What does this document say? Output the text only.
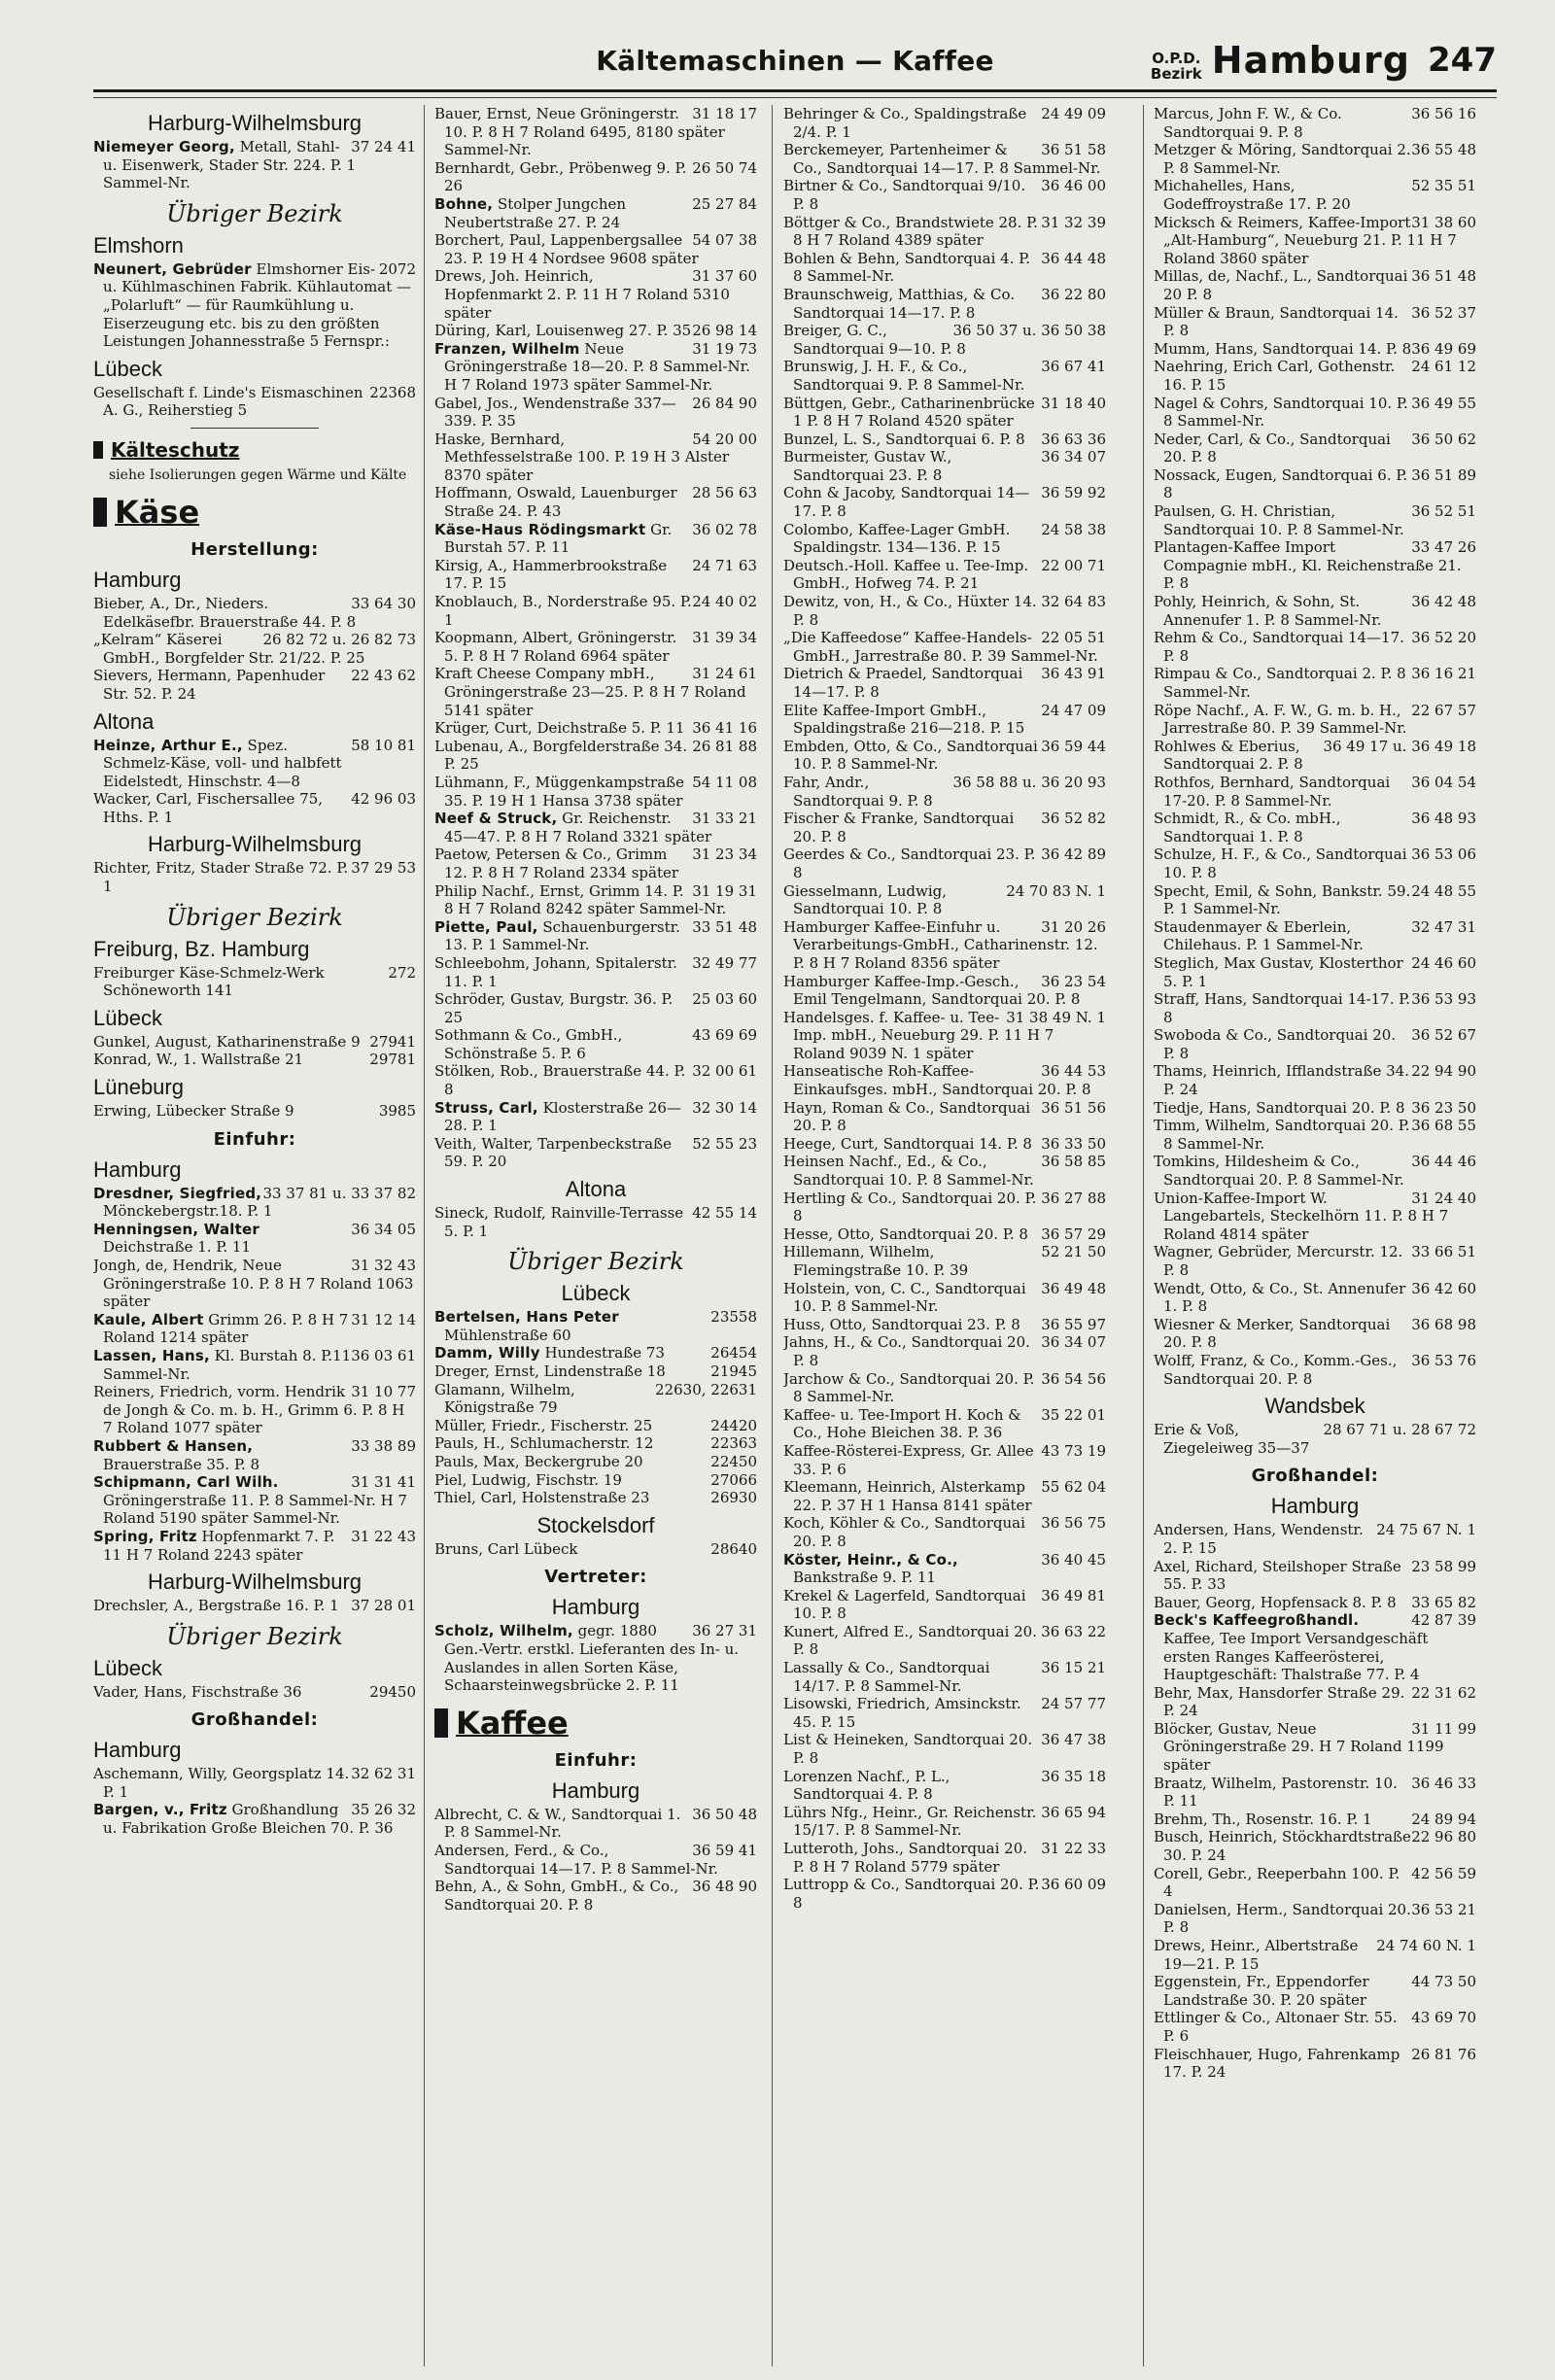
Kältemaschinen — Kaffee	O.P.D.
Bezirk Hamburg 247
Harburg-Wilhelmsburg

37 24 41
Niemeyer Georg, Metall, Stahl- u. Eisenwerk, Stader Str. 224. P. 1 Sammel-Nr.

Übriger Bezirk
Elmshorn

2072
Neunert, Gebrüder Elmshorner Eis- u. Kühlmaschinen Fabrik. Kühlautomat — „Polarluft“ — für Raumkühlung u. Eiserzeugung etc. bis zu den größten Leistungen Johannesstraße 5 Fernspr.:

Lübeck

22368
Gesellschaft f. Linde's Eismaschinen A. G., Reiherstieg 5

Kälteschutz
siehe Isolierungen gegen Wärme und Kälte
Käse
Herstellung:
Hamburg

33 64 30
Bieber, A., Dr., Nieders. Edelkäsefbr. Brauerstraße 44. P. 8

26 82 72 u. 26 82 73
„Kelram“ Käserei GmbH., Borgfelder Str. 21/22. P. 25

22 43 62
Sievers, Hermann, Papenhuder Str. 52. P. 24

Altona

58 10 81
Heinze, Arthur E., Spez. Schmelz-Käse, voll- und halbfett Eidelstedt, Hinschstr. 4—8

42 96 03
Wacker, Carl, Fischersallee 75, Hths. P. 1

Harburg-Wilhelmsburg

37 29 53
Richter, Fritz, Stader Straße 72. P. 1

Übriger Bezirk
Freiburg, Bz. Hamburg

272
Freiburger Käse-Schmelz-Werk Schöneworth 141

Lübeck

27941
Gunkel, August, Katharinenstraße 9

29781
Konrad, W., 1. Wallstraße 21

Lüneburg

3985
Erwing, Lübecker Straße 9

Einfuhr:
Hamburg

33 37 81 u. 33 37 82
Dresdner, Siegfried, Mönckebergstr.18. P. 1

36 34 05
Henningsen, Walter Deichstraße 1. P. 11

31 32 43
Jongh, de, Hendrik, Neue Gröningerstraße 10. P. 8 H 7 Roland 1063 später

31 12 14
Kaule, Albert Grimm 26. P. 8 H 7 Roland 1214 später

36 03 61
Lassen, Hans, Kl. Burstah 8. P.11 Sammel-Nr.

31 10 77
Reiners, Friedrich, vorm. Hendrik de Jongh & Co. m. b. H., Grimm 6. P. 8 H 7 Roland 1077 später

33 38 89
Rubbert & Hansen, Brauerstraße 35. P. 8

31 31 41
Schipmann, Carl Wilh. Gröningerstraße 11. P. 8 Sammel-Nr. H 7 Roland 5190 später Sammel-Nr.

31 22 43
Spring, Fritz Hopfenmarkt 7. P. 11 H 7 Roland 2243 später

Harburg-Wilhelmsburg

37 28 01
Drechsler, A., Bergstraße 16. P. 1

Übriger Bezirk
Lübeck

29450
Vader, Hans, Fischstraße 36

Großhandel:
Hamburg

32 62 31
Aschemann, Willy, Georgsplatz 14. P. 1

35 26 32
Bargen, v., Fritz Großhandlung u. Fabrikation Große Bleichen 70. P. 36

31 18 17
Bauer, Ernst, Neue Gröningerstr. 10. P. 8 H 7 Roland 6495, 8180 später Sammel-Nr.

26 50 74
Bernhardt, Gebr., Pröbenweg 9. P. 26

25 27 84
Bohne, Stolper Jungchen Neubertstraße 27. P. 24

54 07 38
Borchert, Paul, Lappenbergsallee 23. P. 19 H 4 Nordsee 9608 später

31 37 60
Drews, Joh. Heinrich, Hopfenmarkt 2. P. 11 H 7 Roland 5310 später

26 98 14
Düring, Karl, Louisenweg 27. P. 35

31 19 73
Franzen, Wilhelm Neue Gröningerstraße 18—20. P. 8 Sammel-Nr. H 7 Roland 1973 später Sammel-Nr.

26 84 90
Gabel, Jos., Wendenstraße 337—339. P. 35

54 20 00
Haske, Bernhard, Methfesselstraße 100. P. 19 H 3 Alster 8370 später

28 56 63
Hoffmann, Oswald, Lauenburger Straße 24. P. 43

36 02 78
Käse-Haus Rödingsmarkt Gr. Burstah 57. P. 11

24 71 63
Kirsig, A., Hammerbrookstraße 17. P. 15

24 40 02
Knoblauch, B., Norderstraße 95. P. 1

31 39 34
Koopmann, Albert, Gröningerstr. 5. P. 8 H 7 Roland 6964 später

31 24 61
Kraft Cheese Company mbH., Gröningerstraße 23—25. P. 8 H 7 Roland 5141 später

36 41 16
Krüger, Curt, Deichstraße 5. P. 11

26 81 88
Lubenau, A., Borgfelderstraße 34. P. 25

54 11 08
Lühmann, F., Müggenkampstraße 35. P. 19 H 1 Hansa 3738 später

31 33 21
Neef & Struck, Gr. Reichenstr. 45—47. P. 8 H 7 Roland 3321 später

31 23 34
Paetow, Petersen & Co., Grimm 12. P. 8 H 7 Roland 2334 später

31 19 31
Philip Nachf., Ernst, Grimm 14. P. 8 H 7 Roland 8242 später Sammel-Nr.

33 51 48
Piette, Paul, Schauenburgerstr. 13. P. 1 Sammel-Nr.

32 49 77
Schleebohm, Johann, Spitalerstr. 11. P. 1

25 03 60
Schröder, Gustav, Burgstr. 36. P. 25

43 69 69
Sothmann & Co., GmbH., Schönstraße 5. P. 6

32 00 61
Stölken, Rob., Brauerstraße 44. P. 8

32 30 14
Struss, Carl, Klosterstraße 26—28. P. 1

52 55 23
Veith, Walter, Tarpenbeckstraße 59. P. 20

Altona

42 55 14
Sineck, Rudolf, Rainville-Terrasse 5. P. 1

Übriger Bezirk
Lübeck

23558
Bertelsen, Hans Peter Mühlenstraße 60

26454
Damm, Willy Hundestraße 73

21945
Dreger, Ernst, Lindenstraße 18

22630, 22631
Glamann, Wilhelm, Königstraße 79

24420
Müller, Friedr., Fischerstr. 25

22363
Pauls, H., Schlumacherstr. 12

22450
Pauls, Max, Beckergrube 20

27066
Piel, Ludwig, Fischstr. 19

26930
Thiel, Carl, Holstenstraße 23

Stockelsdorf

28640
Bruns, Carl Lübeck

Vertreter:
Hamburg

36 27 31
Scholz, Wilhelm, gegr. 1880 Gen.-Vertr. erstkl. Lieferanten des In- u. Auslandes in allen Sorten Käse, Schaarsteinwegsbrücke 2. P. 11

Kaffee
Einfuhr:
Hamburg

36 50 48
Albrecht, C. & W., Sandtorquai 1. P. 8 Sammel-Nr.

36 59 41
Andersen, Ferd., & Co., Sandtorquai 14—17. P. 8 Sammel-Nr.

36 48 90
Behn, A., & Sohn, GmbH., & Co., Sandtorquai 20. P. 8

24 49 09
Behringer & Co., Spaldingstraße 2/4. P. 1

36 51 58
Berckemeyer, Partenheimer & Co., Sandtorquai 14—17. P. 8 Sammel-Nr.

36 46 00
Birtner & Co., Sandtorquai 9/10. P. 8

31 32 39
Böttger & Co., Brandstwiete 28. P. 8 H 7 Roland 4389 später

36 44 48
Bohlen & Behn, Sandtorquai 4. P. 8 Sammel-Nr.

36 22 80
Braunschweig, Matthias, & Co. Sandtorquai 14—17. P. 8

36 50 37 u. 36 50 38
Breiger, G. C., Sandtorquai 9—10. P. 8

36 67 41
Brunswig, J. H. F., & Co., Sandtorquai 9. P. 8 Sammel-Nr.

31 18 40
Büttgen, Gebr., Catharinenbrücke 1 P. 8 H 7 Roland 4520 später

36 63 36
Bunzel, L. S., Sandtorquai 6. P. 8

36 34 07
Burmeister, Gustav W., Sandtorquai 23. P. 8

36 59 92
Cohn & Jacoby, Sandtorquai 14—17. P. 8

24 58 38
Colombo, Kaffee-Lager GmbH. Spaldingstr. 134—136. P. 15

22 00 71
Deutsch.-Holl. Kaffee u. Tee-Imp. GmbH., Hofweg 74. P. 21

32 64 83
Dewitz, von, H., & Co., Hüxter 14. P. 8

22 05 51
„Die Kaffeedose“ Kaffee-Handels-GmbH., Jarrestraße 80. P. 39 Sammel-Nr.

36 43 91
Dietrich & Praedel, Sandtorquai 14—17. P. 8

24 47 09
Elite Kaffee-Import GmbH., Spaldingstraße 216—218. P. 15

36 59 44
Embden, Otto, & Co., Sandtorquai 10. P. 8 Sammel-Nr.

36 58 88 u. 36 20 93
Fahr, Andr., Sandtorquai 9. P. 8

36 52 82
Fischer & Franke, Sandtorquai 20. P. 8

36 42 89
Geerdes & Co., Sandtorquai 23. P. 8

24 70 83 N. 1
Giesselmann, Ludwig, Sandtorquai 10. P. 8

31 20 26
Hamburger Kaffee-Einfuhr u. Verarbeitungs-GmbH., Catharinenstr. 12. P. 8 H 7 Roland 8356 später

36 23 54
Hamburger Kaffee-Imp.-Gesch., Emil Tengelmann, Sandtorquai 20. P. 8

31 38 49 N. 1
Handelsges. f. Kaffee- u. Tee-Imp. mbH., Neueburg 29. P. 11 H 7 Roland 9039 N. 1 später

36 44 53
Hanseatische Roh-Kaffee-Einkaufsges. mbH., Sandtorquai 20. P. 8

36 51 56
Hayn, Roman & Co., Sandtorquai 20. P. 8

36 33 50
Heege, Curt, Sandtorquai 14. P. 8

36 58 85
Heinsen Nachf., Ed., & Co., Sandtorquai 10. P. 8 Sammel-Nr.

36 27 88
Hertling & Co., Sandtorquai 20. P. 8

36 57 29
Hesse, Otto, Sandtorquai 20. P. 8

52 21 50
Hillemann, Wilhelm, Flemingstraße 10. P. 39

36 49 48
Holstein, von, C. C., Sandtorquai 10. P. 8 Sammel-Nr.

36 55 97
Huss, Otto, Sandtorquai 23. P. 8

36 34 07
Jahns, H., & Co., Sandtorquai 20. P. 8

36 54 56
Jarchow & Co., Sandtorquai 20. P. 8 Sammel-Nr.

35 22 01
Kaffee- u. Tee-Import H. Koch & Co., Hohe Bleichen 38. P. 36

43 73 19
Kaffee-Rösterei-Express, Gr. Allee 33. P. 6

55 62 04
Kleemann, Heinrich, Alsterkamp 22. P. 37 H 1 Hansa 8141 später

36 56 75
Koch, Köhler & Co., Sandtorquai 20. P. 8

36 40 45
Köster, Heinr., & Co., Bankstraße 9. P. 11

36 49 81
Krekel & Lagerfeld, Sandtorquai 10. P. 8

36 63 22
Kunert, Alfred E., Sandtorquai 20. P. 8

36 15 21
Lassally & Co., Sandtorquai 14/17. P. 8 Sammel-Nr.

24 57 77
Lisowski, Friedrich, Amsinckstr. 45. P. 15

36 47 38
List & Heineken, Sandtorquai 20. P. 8

36 35 18
Lorenzen Nachf., P. L., Sandtorquai 4. P. 8

36 65 94
Lührs Nfg., Heinr., Gr. Reichenstr. 15/17. P. 8 Sammel-Nr.

31 22 33
Lutteroth, Johs., Sandtorquai 20. P. 8 H 7 Roland 5779 später

36 60 09
Luttropp & Co., Sandtorquai 20. P. 8

36 56 16
Marcus, John F. W., & Co. Sandtorquai 9. P. 8

36 55 48
Metzger & Möring, Sandtorquai 2. P. 8 Sammel-Nr.

52 35 51
Michahelles, Hans, Godeffroystraße 17. P. 20

31 38 60
Micksch & Reimers, Kaffee-Import „Alt-Hamburg“, Neueburg 21. P. 11 H 7 Roland 3860 später

36 51 48
Millas, de, Nachf., L., Sandtorquai 20 P. 8

36 52 37
Müller & Braun, Sandtorquai 14. P. 8

36 49 69
Mumm, Hans, Sandtorquai 14. P. 8

24 61 12
Naehring, Erich Carl, Gothenstr. 16. P. 15

36 49 55
Nagel & Cohrs, Sandtorquai 10. P. 8 Sammel-Nr.

36 50 62
Neder, Carl, & Co., Sandtorquai 20. P. 8

36 51 89
Nossack, Eugen, Sandtorquai 6. P. 8

36 52 51
Paulsen, G. H. Christian, Sandtorquai 10. P. 8 Sammel-Nr.

33 47 26
Plantagen-Kaffee Import Compagnie mbH., Kl. Reichenstraße 21. P. 8

36 42 48
Pohly, Heinrich, & Sohn, St. Annenufer 1. P. 8 Sammel-Nr.

36 52 20
Rehm & Co., Sandtorquai 14—17. P. 8

36 16 21
Rimpau & Co., Sandtorquai 2. P. 8 Sammel-Nr.

22 67 57
Röpe Nachf., A. F. W., G. m. b. H., Jarrestraße 80. P. 39 Sammel-Nr.

36 49 17 u. 36 49 18
Rohlwes & Eberius, Sandtorquai 2. P. 8

36 04 54
Rothfos, Bernhard, Sandtorquai 17-20. P. 8 Sammel-Nr.

36 48 93
Schmidt, R., & Co. mbH., Sandtorquai 1. P. 8

36 53 06
Schulze, H. F., & Co., Sandtorquai 10. P. 8

24 48 55
Specht, Emil, & Sohn, Bankstr. 59. P. 1 Sammel-Nr.

32 47 31
Staudenmayer & Eberlein, Chilehaus. P. 1 Sammel-Nr.

24 46 60
Steglich, Max Gustav, Klosterthor 5. P. 1

36 53 93
Straff, Hans, Sandtorquai 14-17. P. 8

36 52 67
Swoboda & Co., Sandtorquai 20. P. 8

22 94 90
Thams, Heinrich, Ifflandstraße 34. P. 24

36 23 50
Tiedje, Hans, Sandtorquai 20. P. 8

36 68 55
Timm, Wilhelm, Sandtorquai 20. P. 8 Sammel-Nr.

36 44 46
Tomkins, Hildesheim & Co., Sandtorquai 20. P. 8 Sammel-Nr.

31 24 40
Union-Kaffee-Import W. Langebartels, Steckelhörn 11. P. 8 H 7 Roland 4814 später

33 66 51
Wagner, Gebrüder, Mercurstr. 12. P. 8

36 42 60
Wendt, Otto, & Co., St. Annenufer 1. P. 8

36 68 98
Wiesner & Merker, Sandtorquai 20. P. 8

36 53 76
Wolff, Franz, & Co., Komm.-Ges., Sandtorquai 20. P. 8

Wandsbek

28 67 71 u. 28 67 72
Erie & Voß, Ziegeleiweg 35—37

Großhandel:
Hamburg

24 75 67 N. 1
Andersen, Hans, Wendenstr. 2. P. 15

23 58 99
Axel, Richard, Steilshoper Straße 55. P. 33

33 65 82
Bauer, Georg, Hopfensack 8. P. 8

42 87 39
Beck's Kaffeegroßhandl. Kaffee, Tee Import Versandgeschäft ersten Ranges Kaffeerösterei, Hauptgeschäft: Thalstraße 77. P. 4

22 31 62
Behr, Max, Hansdorfer Straße 29. P. 24

31 11 99
Blöcker, Gustav, Neue Gröningerstraße 29. H 7 Roland 1199 später

36 46 33
Braatz, Wilhelm, Pastorenstr. 10. P. 11

24 89 94
Brehm, Th., Rosenstr. 16. P. 1

22 96 80
Busch, Heinrich, Stöckhardtstraße 30. P. 24

42 56 59
Corell, Gebr., Reeperbahn 100. P. 4

36 53 21
Danielsen, Herm., Sandtorquai 20. P. 8

24 74 60 N. 1
Drews, Heinr., Albertstraße 19—21. P. 15

44 73 50
Eggenstein, Fr., Eppendorfer Landstraße 30. P. 20 später

43 69 70
Ettlinger & Co., Altonaer Str. 55. P. 6

26 81 76
Fleischhauer, Hugo, Fahrenkamp 17. P. 24
